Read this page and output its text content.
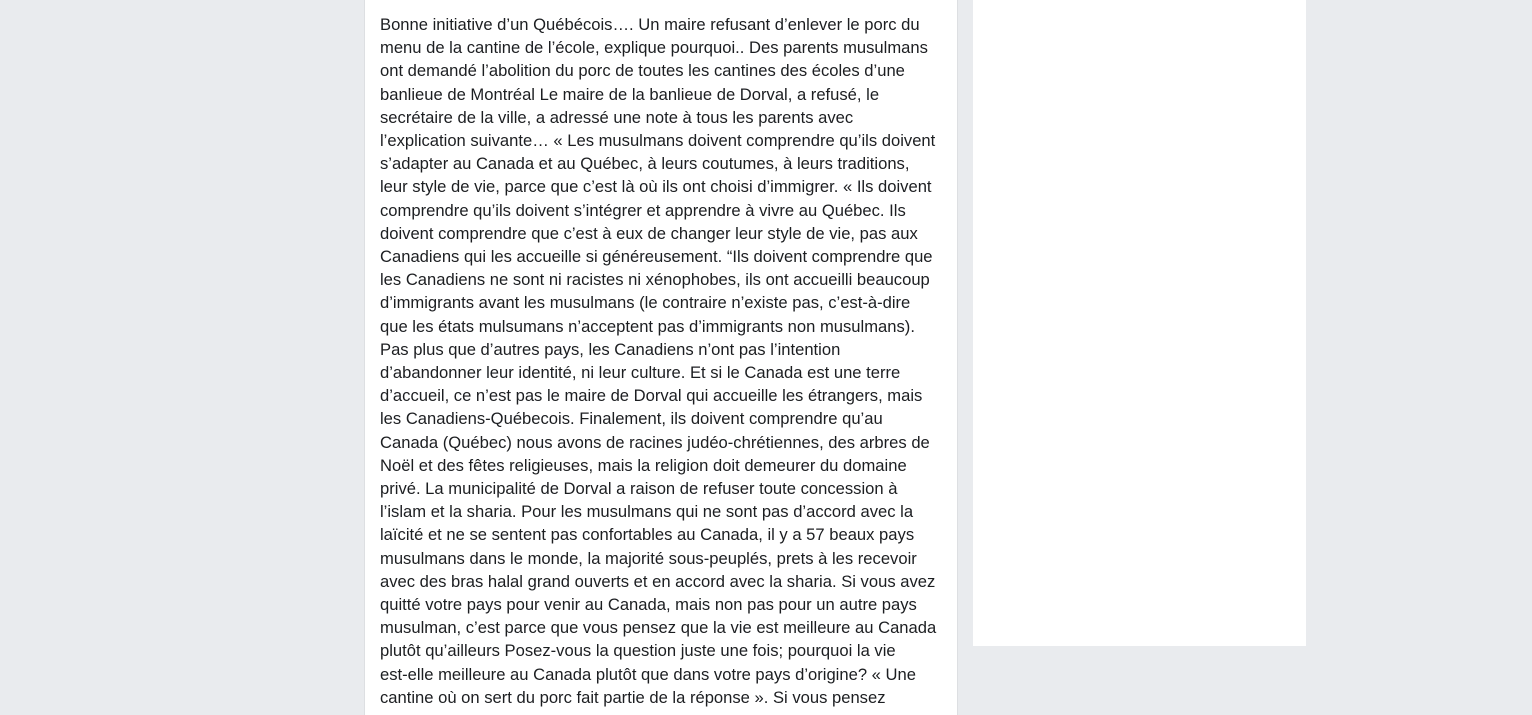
Bonne initiative d’un Québécois…. Un maire refusant d’enlever le porc du
menu de la cantine de l’école, explique pourquoi.. Des parents musulmans
ont demandé l’abolition du porc de toutes les cantines des écoles d’une
banlieue de Montréal Le maire de la banlieue de Dorval, a refusé, le
secrétaire de la ville, a adressé une note à tous les parents avec
l’explication suivante… « Les musulmans doivent comprendre qu’ils doivent
s’adapter au Canada et au Québec, à leurs coutumes, à leurs traditions,
leur style de vie, parce que c’est là où ils ont choisi d’immigrer. « Ils doivent
comprendre qu’ils doivent s’intégrer et apprendre à vivre au Québec. Ils
doivent comprendre que c’est à eux de changer leur style de vie, pas aux
Canadiens qui les accueille si généreusement. “Ils doivent comprendre que
les Canadiens ne sont ni racistes ni xénophobes, ils ont accueilli beaucoup
d’immigrants avant les musulmans (le contraire n’existe pas, c’est-à-dire
que les états mulsumans n’acceptent pas d’immigrants non musulmans).
Pas plus que d’autres pays, les Canadiens n’ont pas l’intention
d’abandonner leur identité, ni leur culture. Et si le Canada est une terre
d’accueil, ce n’est pas le maire de Dorval qui accueille les étrangers, mais
les Canadiens-Québecois. Finalement, ils doivent comprendre qu’au
Canada (Québec) nous avons de racines judéo-chrétiennes, des arbres de
Noël et des fêtes religieuses, mais la religion doit demeurer du domaine
privé. La municipalité de Dorval a raison de refuser toute concession à
l’islam et la sharia. Pour les musulmans qui ne sont pas d’accord avec la
laïcité et ne se sentent pas confortables au Canada, il y a 57 beaux pays
musulmans dans le monde, la majorité sous-peuplés, prets à les recevoir
avec des bras halal grand ouverts et en accord avec la sharia. Si vous avez
quitté votre pays pour venir au Canada, mais non pas pour un autre pays
musulman, c’est parce que vous pensez que la vie est meilleure au Canada
plutôt qu’ailleurs Posez-vous la question juste une fois; pourquoi la vie
est-elle meilleure au Canada plutôt que dans votre pays d’origine? « Une
cantine où on sert du porc fait partie de la réponse ». Si vous pensez
